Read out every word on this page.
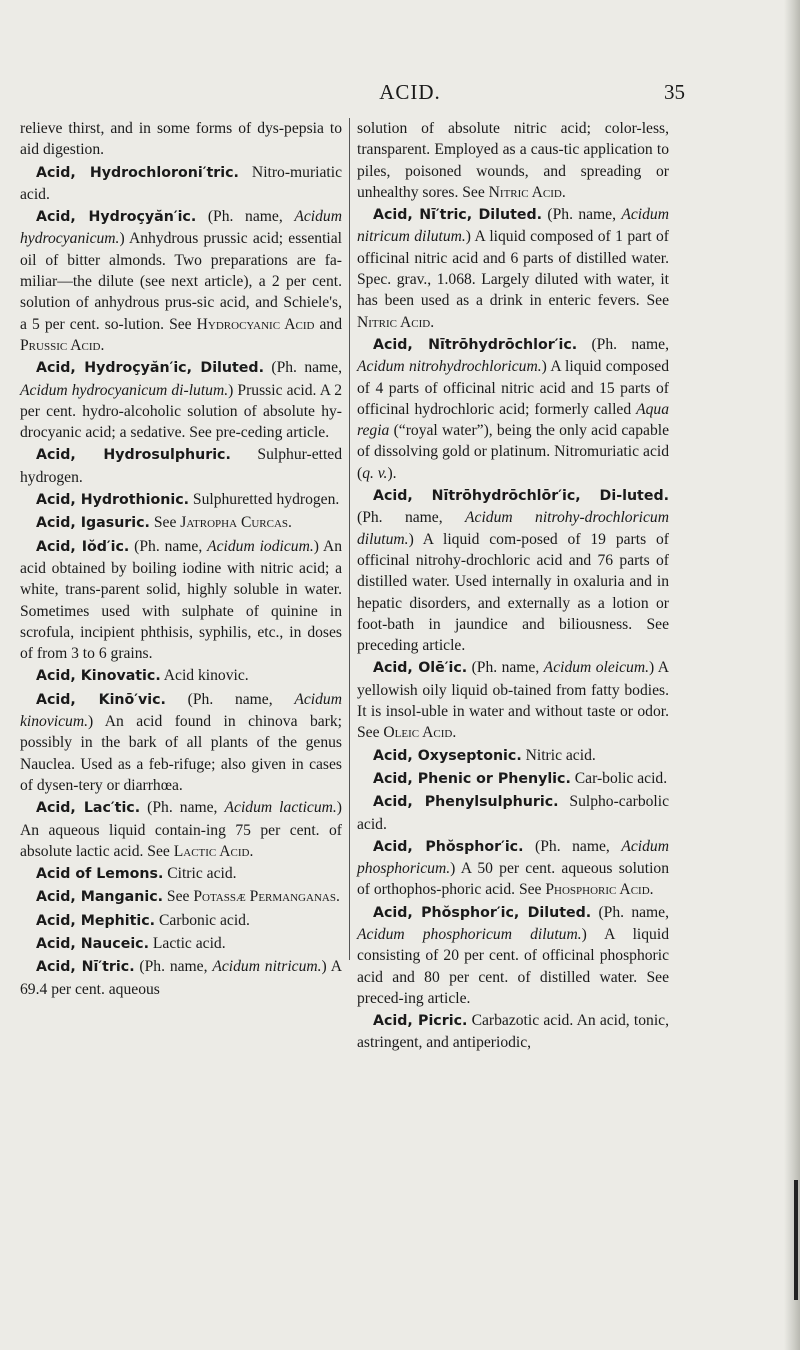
ACID.	35

relieve thirst, and in some forms of dys-pepsia to aid digestion.

Acid, Hydrochloroni′tric. Nitro-muriatic acid.

Acid, Hydroçyăn′ic. (Ph. name, Acidum hydrocyanicum.) Anhydrous prussic acid; essential oil of bitter almonds. Two preparations are fa-miliar—the dilute (see next article), a 2 per cent. solution of anhydrous prus-sic acid, and Schiele's, a 5 per cent. so-lution. See Hydrocyanic Acid and Prussic Acid.

Acid, Hydroçyăn′ic, Diluted. (Ph. name, Acidum hydrocyanicum di-lutum.) Prussic acid. A 2 per cent. hydro-alcoholic solution of absolute hy-drocyanic acid; a sedative. See pre-ceding article.

Acid, Hydrosulphuric. Sulphur-etted hydrogen.

Acid, Hydrothionic. Sulphuretted hydrogen.

Acid, Igasuric. See Jatropha Curcas.

Acid, Iŏd′ic. (Ph. name, Acidum iodicum.) An acid obtained by boiling iodine with nitric acid; a white, trans-parent solid, highly soluble in water. Sometimes used with sulphate of quinine in scrofula, incipient phthisis, syphilis, etc., in doses of from 3 to 6 grains.

Acid, Kinovatic. Acid kinovic.

Acid, Kinō′vic. (Ph. name, Acidum kinovicum.) An acid found in chinova bark; possibly in the bark of all plants of the genus Nauclea. Used as a feb-rifuge; also given in cases of dysen-tery or diarrhœa.

Acid, Lac′tic. (Ph. name, Acidum lacticum.) An aqueous liquid contain-ing 75 per cent. of absolute lactic acid. See Lactic Acid.

Acid of Lemons. Citric acid.

Acid, Manganic. See Potassæ Permanganas.

Acid, Mephitic. Carbonic acid.

Acid, Nauceic. Lactic acid.

Acid, Nī′tric. (Ph. name, Acidum nitricum.) A 69.4 per cent. aqueous

solution of absolute nitric acid; color-less, transparent. Employed as a caus-tic application to piles, poisoned wounds, and spreading or unhealthy sores. See Nitric Acid.

Acid, Nī′tric, Diluted. (Ph. name, Acidum nitricum dilutum.) A liquid composed of 1 part of officinal nitric acid and 6 parts of distilled water. Spec. grav., 1.068. Largely diluted with water, it has been used as a drink in enteric fevers. See Nitric Acid.

Acid, Nītrōhydrōchlor′ic. (Ph. name, Acidum nitrohydrochloricum.) A liquid composed of 4 parts of officinal nitric acid and 15 parts of officinal hydrochloric acid; formerly called Aqua regia (“royal water”), being the only acid capable of dissolving gold or platinum. Nitromuriatic acid (q. v.).

Acid, Nītrōhydrōchlōr′ic, Di-luted. (Ph. name, Acidum nitrohy-drochloricum dilutum.) A liquid com-posed of 19 parts of officinal nitrohy-drochloric acid and 76 parts of distilled water. Used internally in oxaluria and in hepatic disorders, and externally as a lotion or foot-bath in jaundice and biliousness. See preceding article.

Acid, Olē′ic. (Ph. name, Acidum oleicum.) A yellowish oily liquid ob-tained from fatty bodies. It is insol-uble in water and without taste or odor. See Oleic Acid.

Acid, Oxyseptonic. Nitric acid.

Acid, Phenic or Phenylic. Car-bolic acid.

Acid, Phenylsulphuric. Sulpho-carbolic acid.

Acid, Phŏsphor′ic. (Ph. name, Acidum phosphoricum.) A 50 per cent. aqueous solution of orthophos-phoric acid. See Phosphoric Acid.

Acid, Phŏsphor′ic, Diluted. (Ph. name, Acidum phosphoricum dilutum.) A liquid consisting of 20 per cent. of officinal phosphoric acid and 80 per cent. of distilled water. See preced-ing article.

Acid, Picric. Carbazotic acid. An acid, tonic, astringent, and antiperiodic,
